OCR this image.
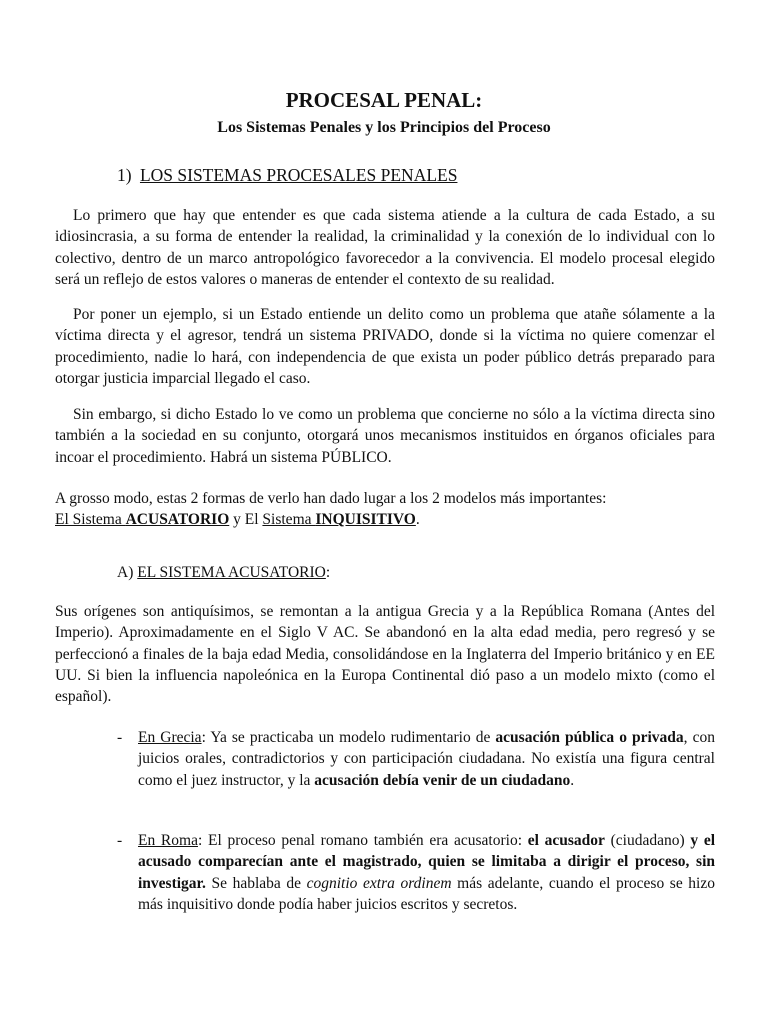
PROCESAL PENAL:
Los Sistemas Penales y los Principios del Proceso
1) LOS SISTEMAS PROCESALES PENALES

Lo primero que hay que entender es que cada sistema atiende a la cultura de cada Estado, a su idiosincrasia, a su forma de entender la realidad, la criminalidad y la conexión de lo individual con lo colectivo, dentro de un marco antropológico favorecedor a la convivencia. El modelo procesal elegido será un reflejo de estos valores o maneras de entender el contexto de su realidad.

Por poner un ejemplo, si un Estado entiende un delito como un problema que atañe sólamente a la víctima directa y el agresor, tendrá un sistema PRIVADO, donde si la víctima no quiere comenzar el procedimiento, nadie lo hará, con independencia de que exista un poder público detrás preparado para otorgar justicia imparcial llegado el caso.

Sin embargo, si dicho Estado lo ve como un problema que concierne no sólo a la víctima directa sino también a la sociedad en su conjunto, otorgará unos mecanismos instituidos en órganos oficiales para incoar el procedimiento. Habrá un sistema PÚBLICO.

A grosso modo, estas 2 formas de verlo han dado lugar a los 2 modelos más importantes:
El Sistema ACUSATORIO y El Sistema INQUISITIVO.

A) EL SISTEMA ACUSATORIO:

Sus orígenes son antiquísimos, se remontan a la antigua Grecia y a la República Romana (Antes del Imperio). Aproximadamente en el Siglo V AC. Se abandonó en la alta edad media, pero regresó y se perfeccionó a finales de la baja edad Media, consolidándose en la Inglaterra del Imperio británico y en EE UU. Si bien la influencia napoleónica en la Europa Continental dió paso a un modelo mixto (como el español).

-	En Grecia: Ya se practicaba un modelo rudimentario de acusación pública o privada, con juicios orales, contradictorios y con participación ciudadana. No existía una figura central como el juez instructor, y la acusación debía venir de un ciudadano.
-	En Roma: El proceso penal romano también era acusatorio: el acusador (ciudadano) y el acusado comparecían ante el magistrado, quien se limitaba a dirigir el proceso, sin investigar. Se hablaba de cognitio extra ordinem más adelante, cuando el proceso se hizo más inquisitivo donde podía haber juicios escritos y secretos.
